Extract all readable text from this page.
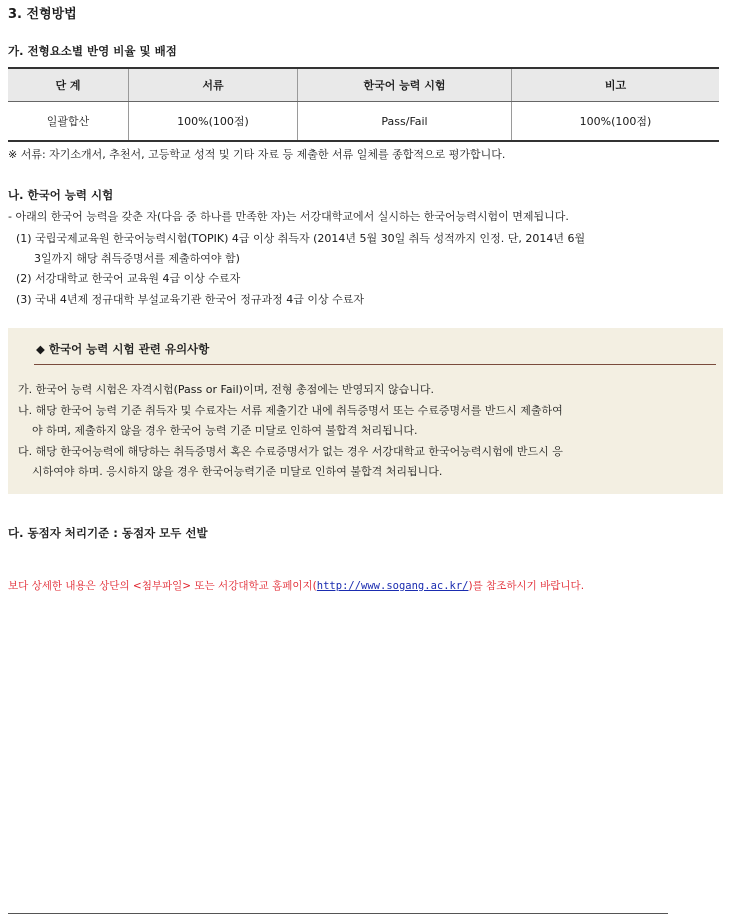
3. 전형방법
가. 전형요소별 반영 비율 및 배점
단 계	서류	한국어 능력 시험	비고
일괄합산	100%(100점)	Pass/Fail	100%(100점)
※ 서류: 자기소개서, 추천서, 고등학교 성적 및 기타 자료 등 제출한 서류 일체를 종합적으로 평가합니다.
나. 한국어 능력 시험
- 아래의 한국어 능력을 갖춘 자(다음 중 하나를 만족한 자)는 서강대학교에서 실시하는 한국어능력시험이 면제됩니다.
(1) 국립국제교육원 한국어능력시험(TOPIK) 4급 이상 취득자 (2014년 5월 30일 취득 성적까지 인정. 단, 2014년 6월
3일까지 해당 취득증명서를 제출하여야 함)
(2) 서강대학교 한국어 교육원 4급 이상 수료자
(3) 국내 4년제 정규대학 부설교육기관 한국어 정규과정 4급 이상 수료자
◆ 한국어 능력 시험 관련 유의사항
가. 한국어 능력 시험은 자격시험(Pass or Fail)이며, 전형 총점에는 반영되지 않습니다.
나. 해당 한국어 능력 기준 취득자 및 수료자는 서류 제출기간 내에 취득증명서 또는 수료증명서를 반드시 제출하여
야 하며, 제출하지 않을 경우 한국어 능력 기준 미달로 인하여 불합격 처리됩니다.
다. 해당 한국어능력에 해당하는 취득증명서 혹은 수료증명서가 없는 경우 서강대학교 한국어능력시험에 반드시 응
시하여야 하며. 응시하지 않을 경우 한국어능력기준 미달로 인하여 불합격 처리됩니다.
다. 동점자 처리기준 : 동점자 모두 선발
보다 상세한 내용은 상단의 <첨부파일> 또는 서강대학교 홈페이지(http://www.sogang.ac.kr/)를 참조하시기 바랍니다.
